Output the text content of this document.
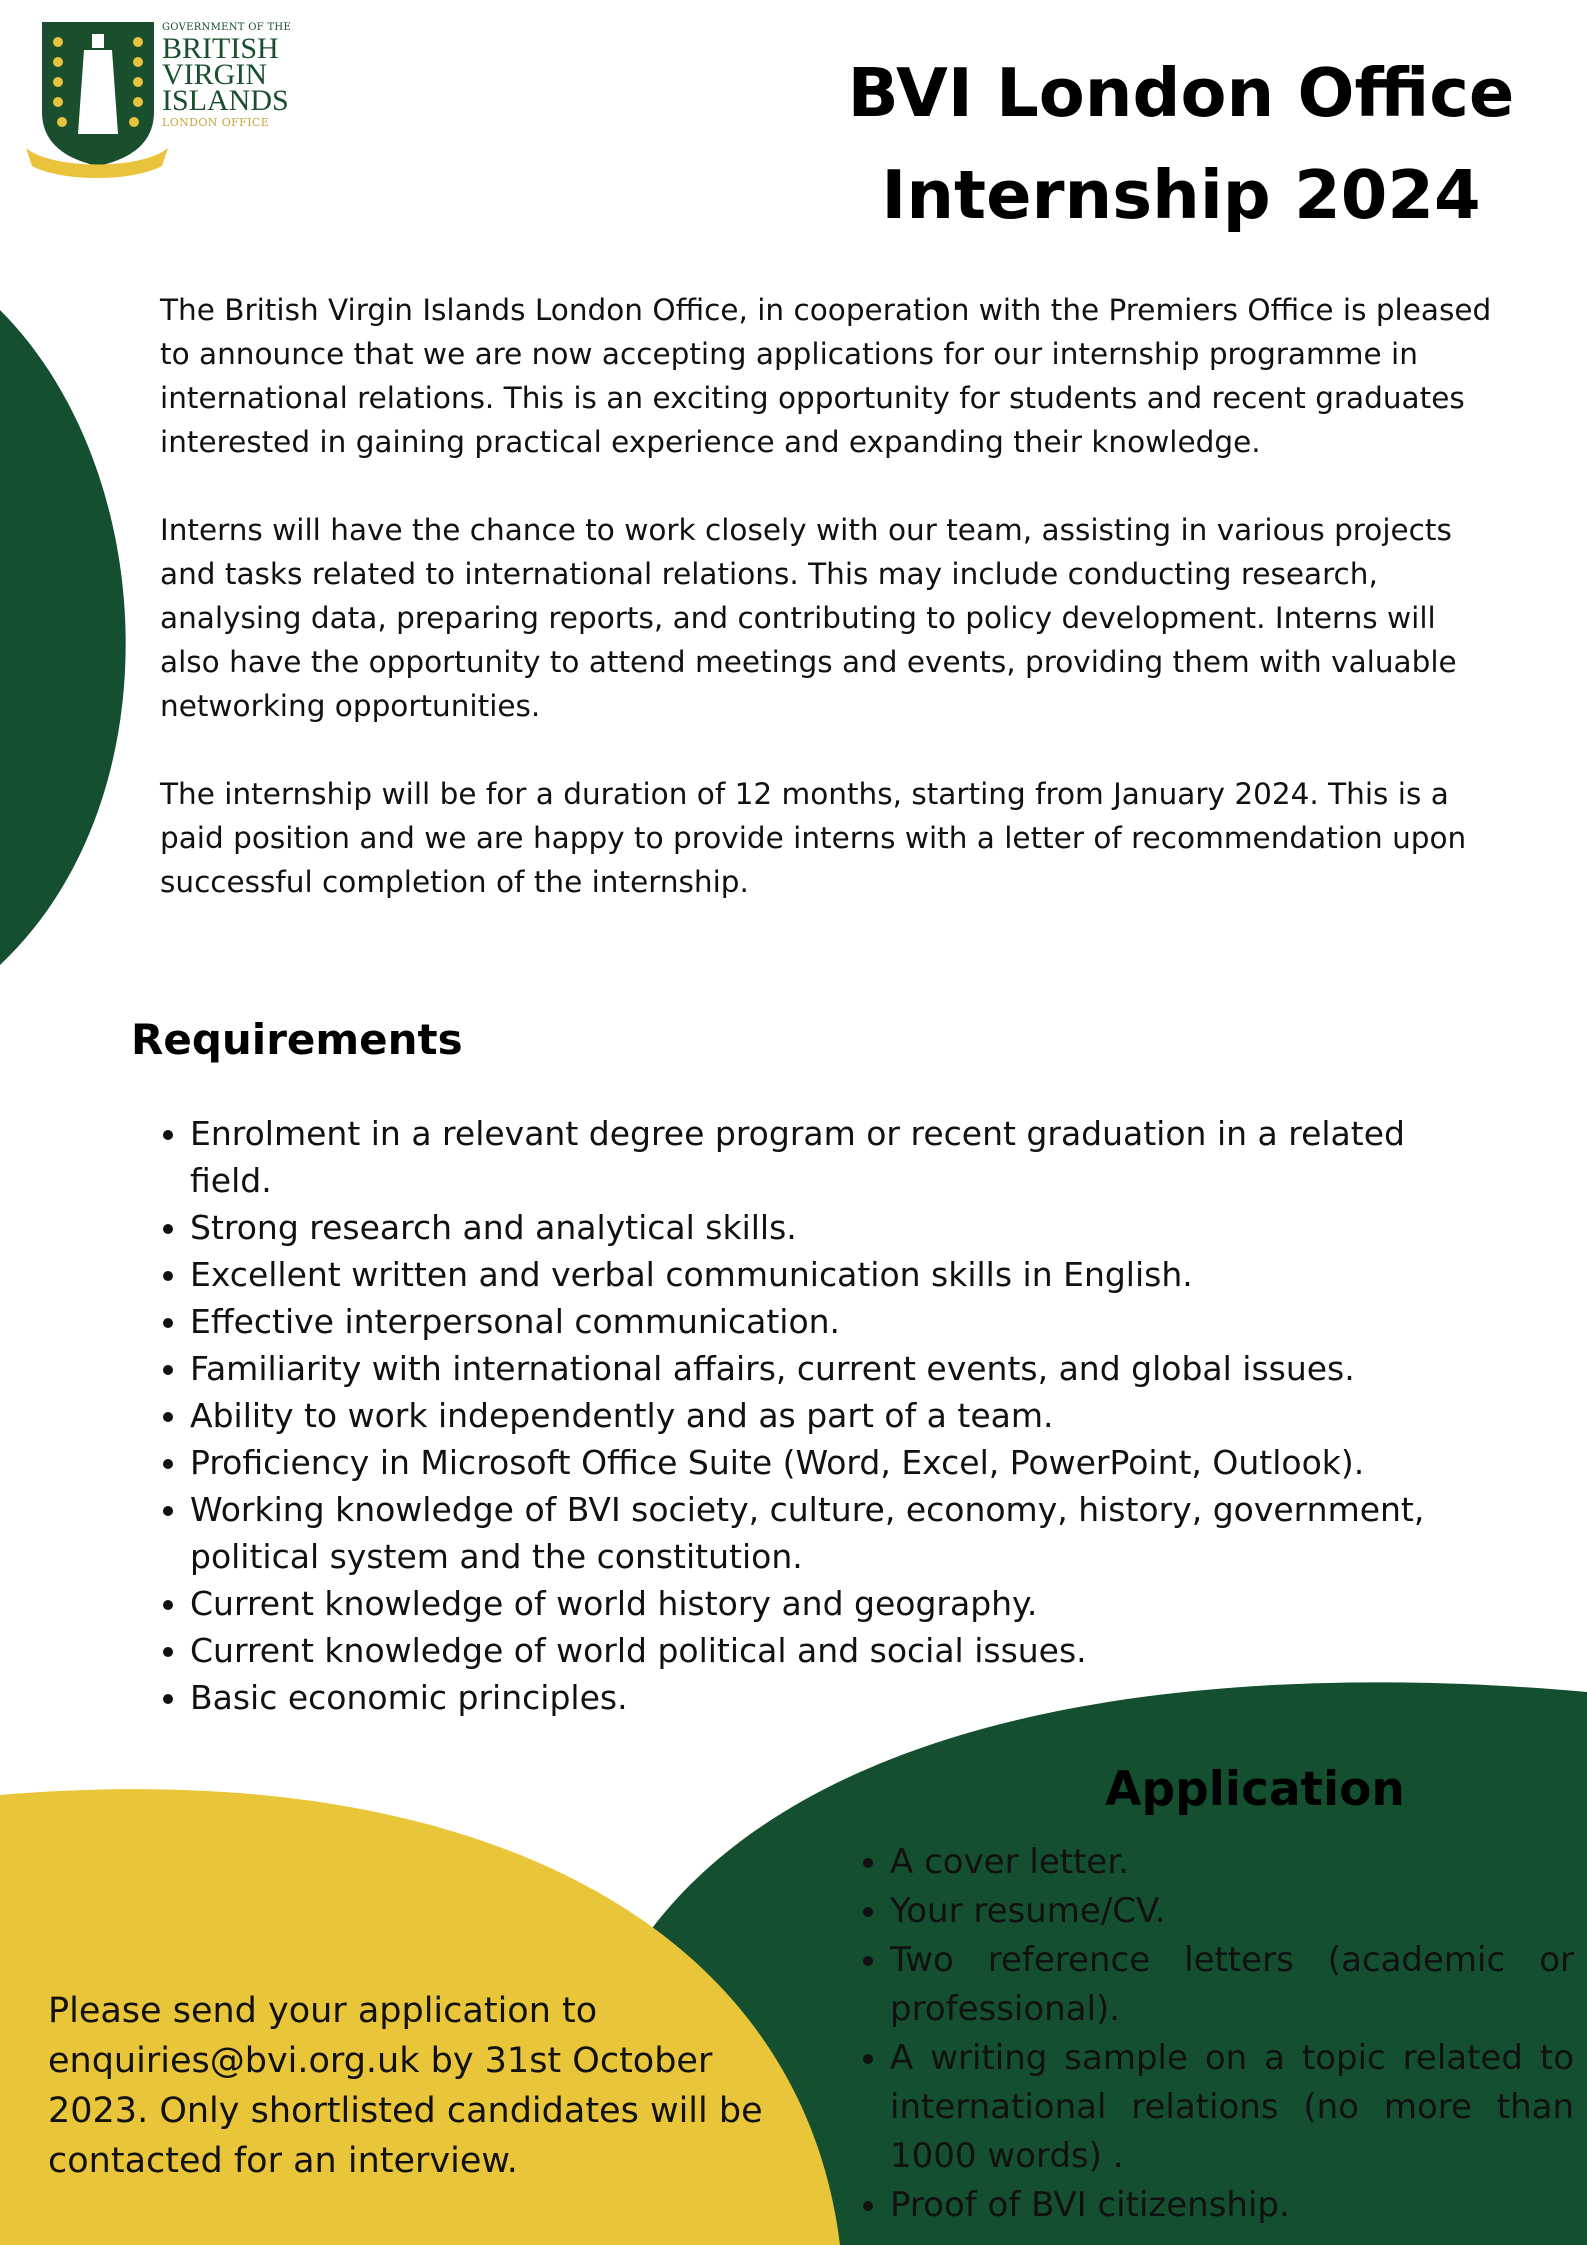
GOVERNMENT OF THE
BRITISH
VIRGIN
ISLANDS
LONDON OFFICE	BVI London Office
Internship 2024

The British Virgin Islands London Office, in cooperation with the Premiers Office is pleased to announce that we are now accepting applications for our internship programme in international relations. This is an exciting opportunity for students and recent graduates interested in gaining practical experience and expanding their knowledge.

Interns will have the chance to work closely with our team, assisting in various projects and tasks related to international relations. This may include conducting research, analysing data, preparing reports, and contributing to policy development. Interns will also have the opportunity to attend meetings and events, providing them with valuable networking opportunities.

The internship will be for a duration of 12 months, starting from January 2024. This is a paid position and we are happy to provide interns with a letter of recommendation upon successful completion of the internship.

Requirements
• Enrolment in a relevant degree program or recent graduation in a related field.
• Strong research and analytical skills.
• Excellent written and verbal communication skills in English.
• Effective interpersonal communication.
• Familiarity with international affairs, current events, and global issues.
• Ability to work independently and as part of a team.
• Proficiency in Microsoft Office Suite (Word, Excel, PowerPoint, Outlook).
• Working knowledge of BVI society, culture, economy, history, government, political system and the constitution.
• Current knowledge of world history and geography.
• Current knowledge of world political and social issues.
• Basic economic principles.
Application
• A cover letter.
• Your resume/CV.
• Two reference letters (academic or professional).
• A writing sample on a topic related to international relations (no more than 1000 words) .
• Proof of BVI citizenship.

Please send your application to enquiries@bvi.org.uk by 31st October 2023. Only shortlisted candidates will be contacted for an interview.
